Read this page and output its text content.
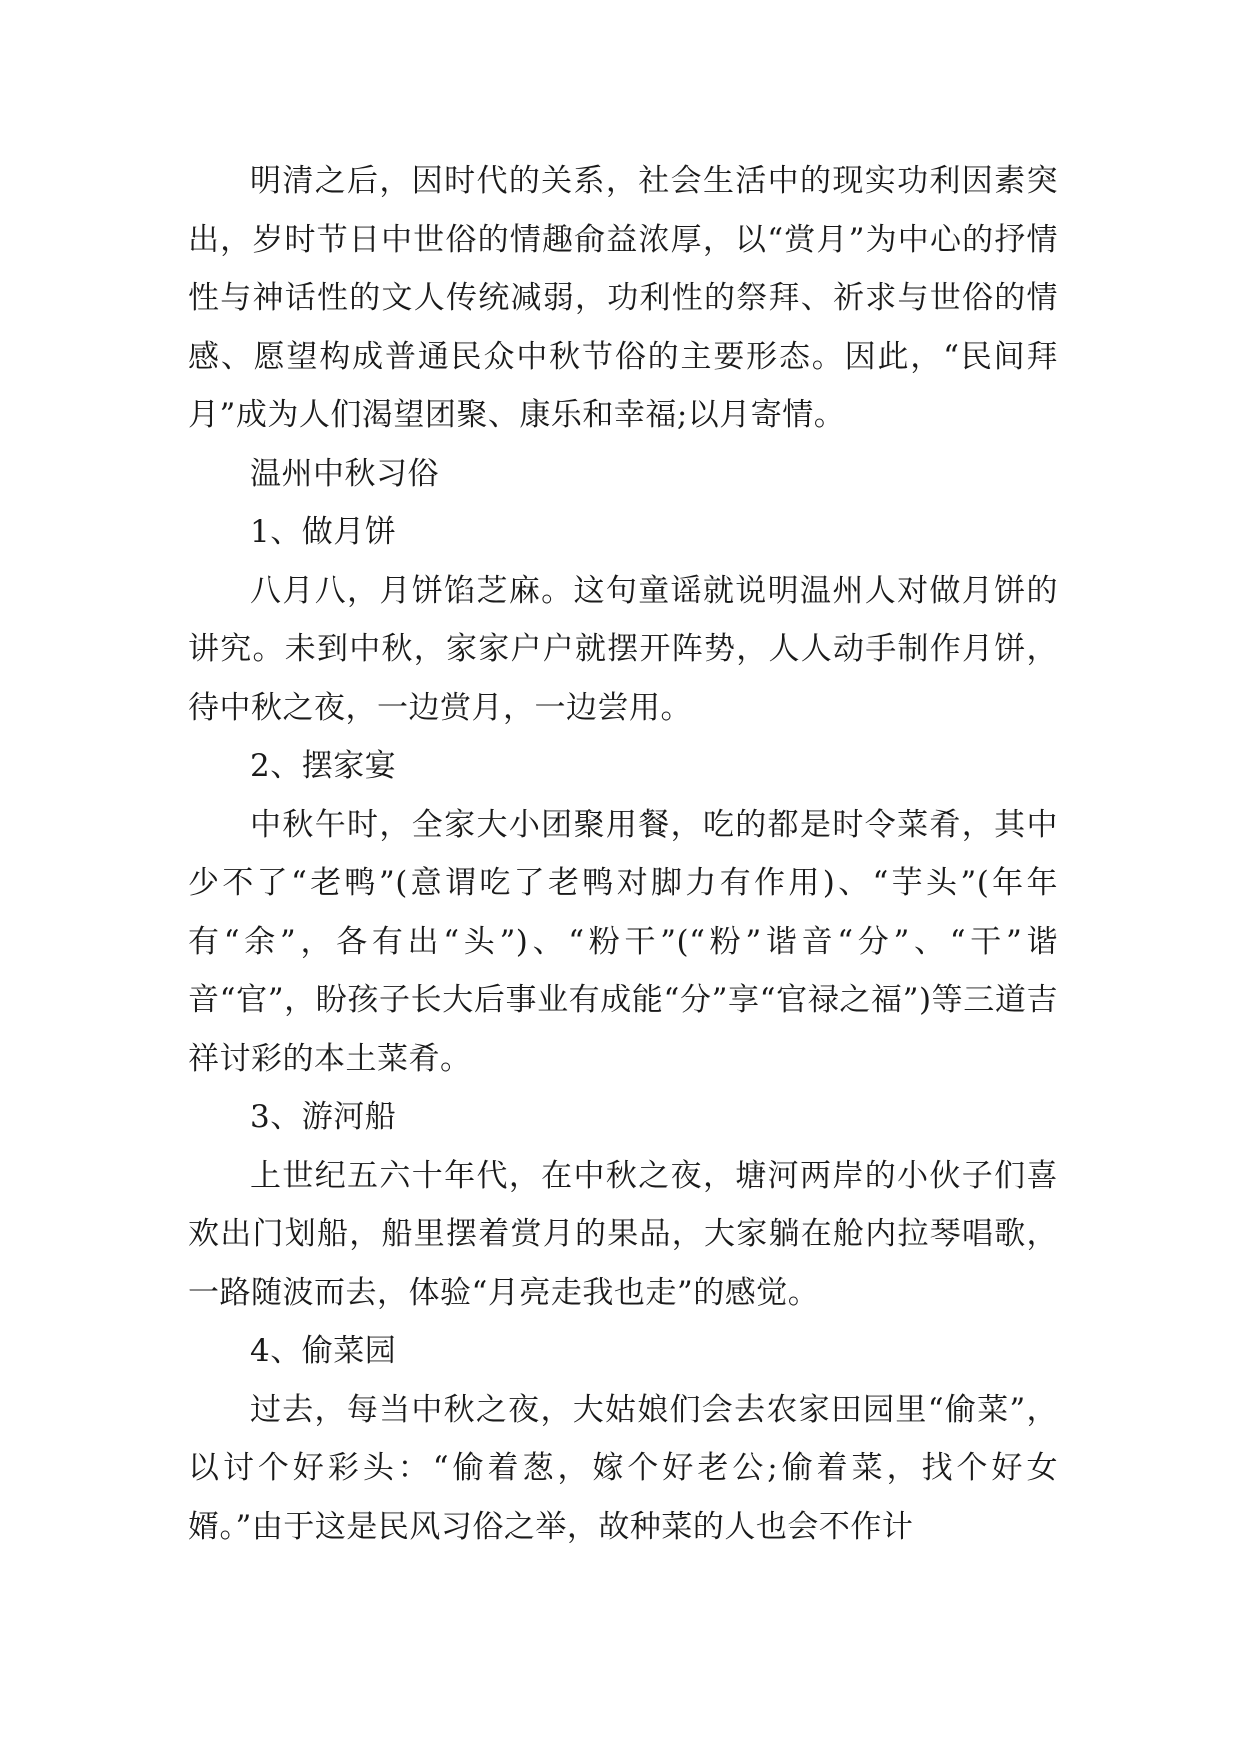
明清之后，因时代的关系，社会生活中的现实功利因素突出，岁时节日中世俗的情趣俞益浓厚，以“赏月”为中心的抒情性与神话性的文人传统减弱，功利性的祭拜、祈求与世俗的情感、愿望构成普通民众中秋节俗的主要形态。因此，“民间拜月”成为人们渴望团聚、康乐和幸福;以月寄情。

温州中秋习俗

1、做月饼

八月八，月饼馅芝麻。这句童谣就说明温州人对做月饼的讲究。未到中秋，家家户户就摆开阵势，人人动手制作月饼，待中秋之夜，一边赏月，一边尝用。

2、摆家宴

中秋午时，全家大小团聚用餐，吃的都是时令菜肴，其中少不了“老鸭”(意谓吃了老鸭对脚力有作用)、“芋头”(年年有“余”，各有出“头”)、“粉干”(“粉”谐音“分”、“干”谐音“官”，盼孩子长大后事业有成能“分”享“官禄之福”)等三道吉祥讨彩的本土菜肴。

3、游河船

上世纪五六十年代，在中秋之夜，塘河两岸的小伙子们喜欢出门划船，船里摆着赏月的果品，大家躺在舱内拉琴唱歌，一路随波而去，体验“月亮走我也走”的感觉。

4、偷菜园

过去，每当中秋之夜，大姑娘们会去农家田园里“偷菜”，以讨个好彩头：“偷着葱，嫁个好老公;偷着菜，找个好女婿。”由于这是民风习俗之举，故种菜的人也会不作计
